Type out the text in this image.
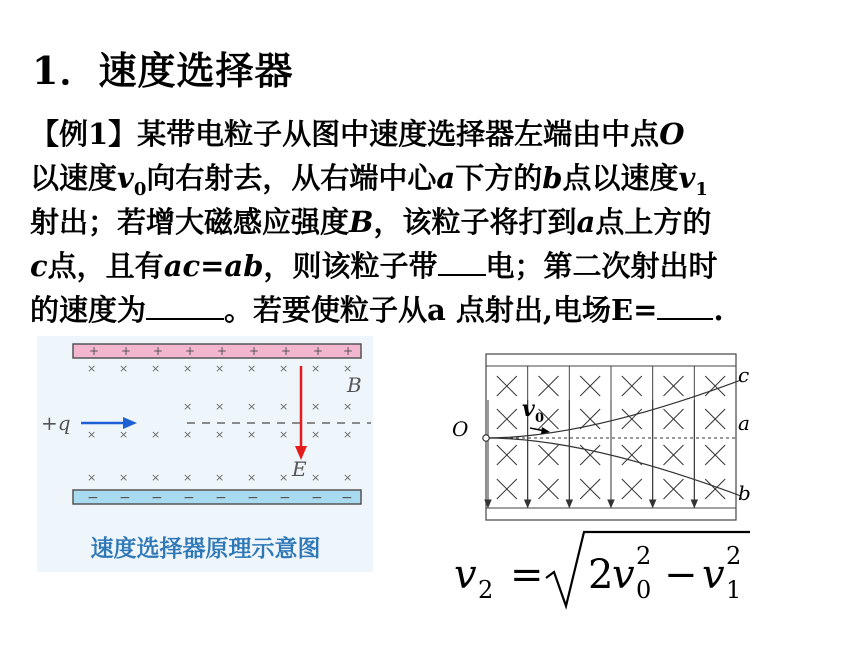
1．速度选择器
【例1】某带电粒子从图中速度选择器左端由中点O
以速度$v_0$向右射去，从右端中心a下方的b点以速度$v_1$
射出；若增大磁感应强度B，该粒子将打到a点上方的
c点，且有ac=ab，则该粒子带 电；第二次射出时
的速度为	。若要使粒子从a 点射出,电场E= .
+ + + + + + + + +
− − − − − − − − −
× × × × × × × × ×
× × × × × ×
× × × × × × × × ×
× × × × × × × × ×
+q
B
E
速度选择器原理示意图
O
v 0
c
a
b
v 2 = 2
v 0
2 − v 1
2
